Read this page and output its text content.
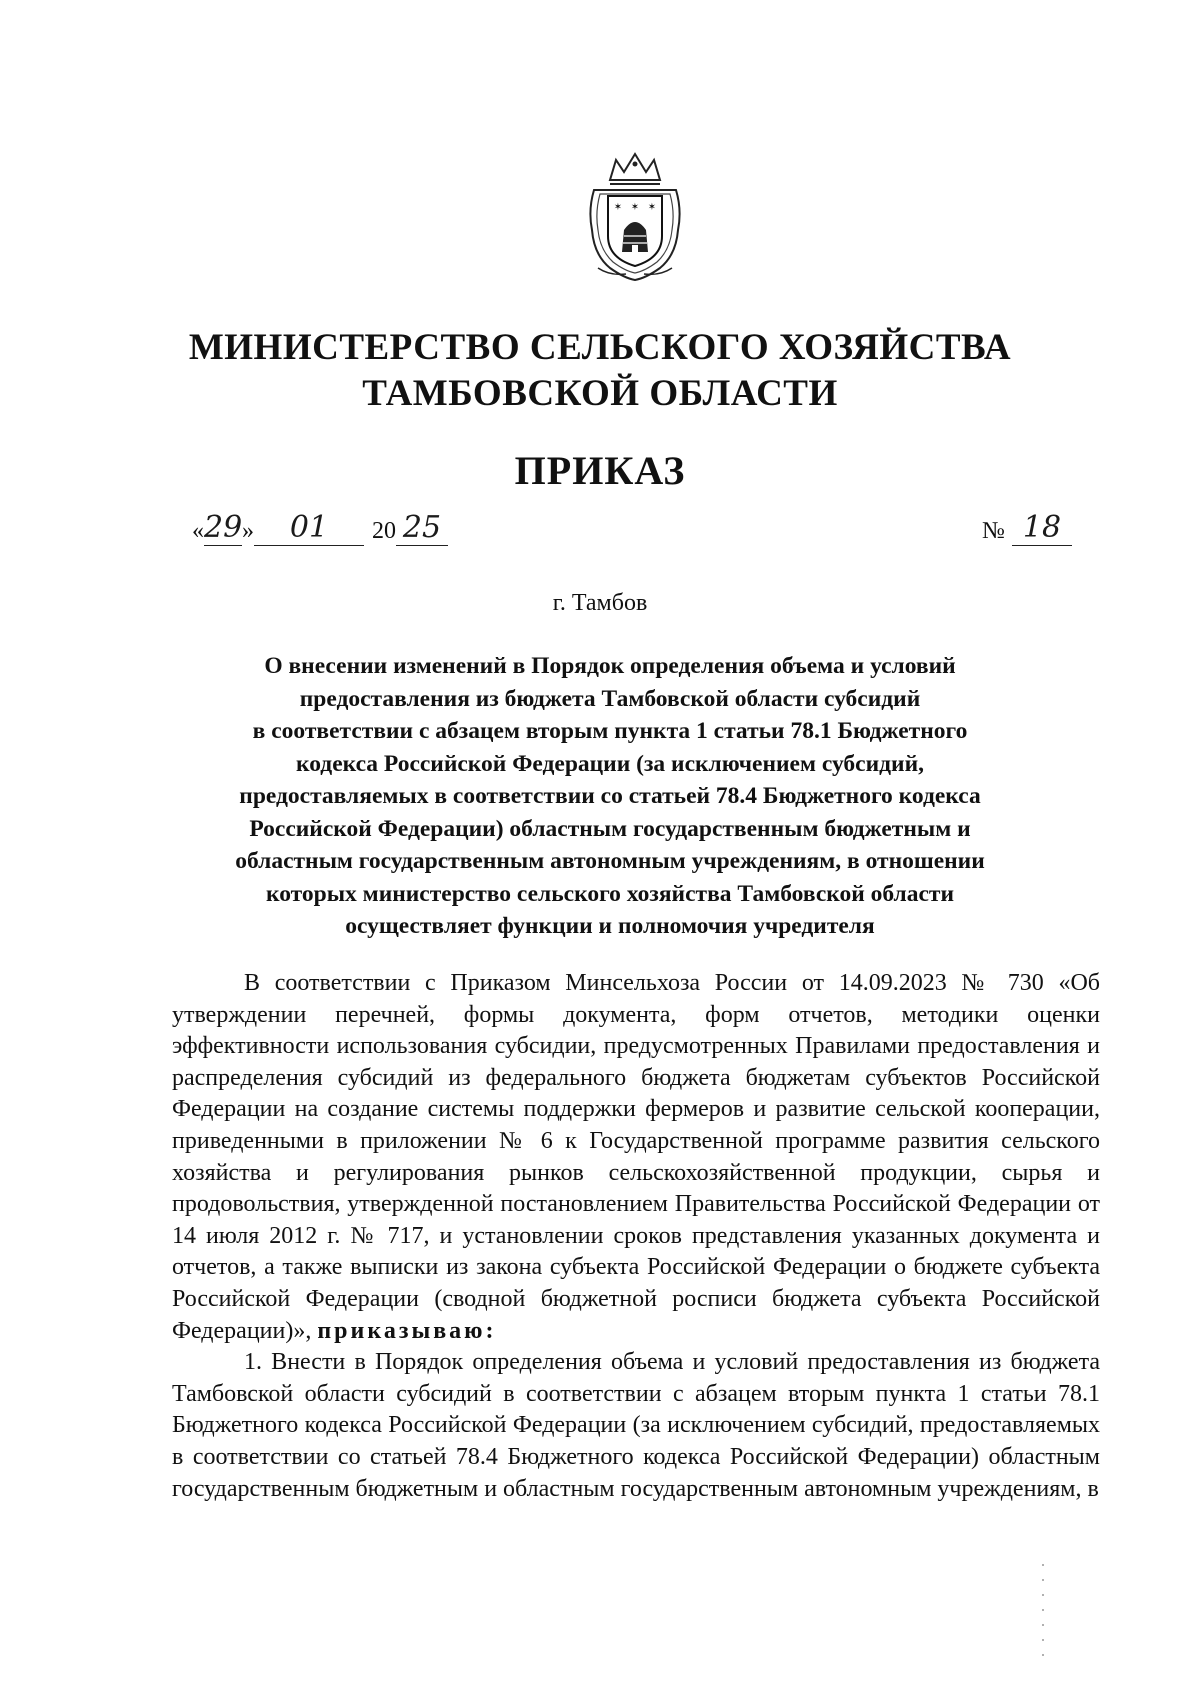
✶ ✶ ✶
МИНИСТЕРСТВО СЕЛЬСКОГО ХОЗЯЙСТВА
ТАМБОВСКОЙ ОБЛАСТИ
ПРИКАЗ
« 29 »	01	20 25	№ 18
г. Тамбов
О внесении изменений в Порядок определения объема и условий
предоставления из бюджета Тамбовской области субсидий
в соответствии с абзацем вторым пункта 1 статьи 78.1 Бюджетного
кодекса Российской Федерации (за исключением субсидий,
предоставляемых в соответствии со статьей 78.4 Бюджетного кодекса
Российской Федерации) областным государственным бюджетным и
областным государственным автономным учреждениям, в отношении
которых министерство сельского хозяйства Тамбовской области
осуществляет функции и полномочия учредителя

В соответствии с Приказом Минсельхоза России от 14.09.2023 № 730 «Об утверждении перечней, формы документа, форм отчетов, методики оценки эффективности использования субсидии, предусмотренных Правилами предоставления и распределения субсидий из федерального бюджета бюджетам субъектов Российской Федерации на создание системы поддержки фермеров и развитие сельской кооперации, приведенными в приложении № 6 к Государственной программе развития сельского хозяйства и регулирования рынков сельскохозяйственной продукции, сырья и продовольствия, утвержденной постановлением Правительства Российской Федерации от 14 июля 2012 г. № 717, и установлении сроков представления указанных документа и отчетов, а также выписки из закона субъекта Российской Федерации о бюджете субъекта Российской Федерации (сводной бюджетной росписи бюджета субъекта Российской Федерации)», приказываю:

1. Внести в Порядок определения объема и условий предоставления из бюджета Тамбовской области субсидий в соответствии с абзацем вторым пункта 1 статьи 78.1 Бюджетного кодекса Российской Федерации (за исключением субсидий, предоставляемых в соответствии со статьей 78.4 Бюджетного кодекса Российской Федерации) областным государственным бюджетным и областным государственным автономным учреждениям, в
